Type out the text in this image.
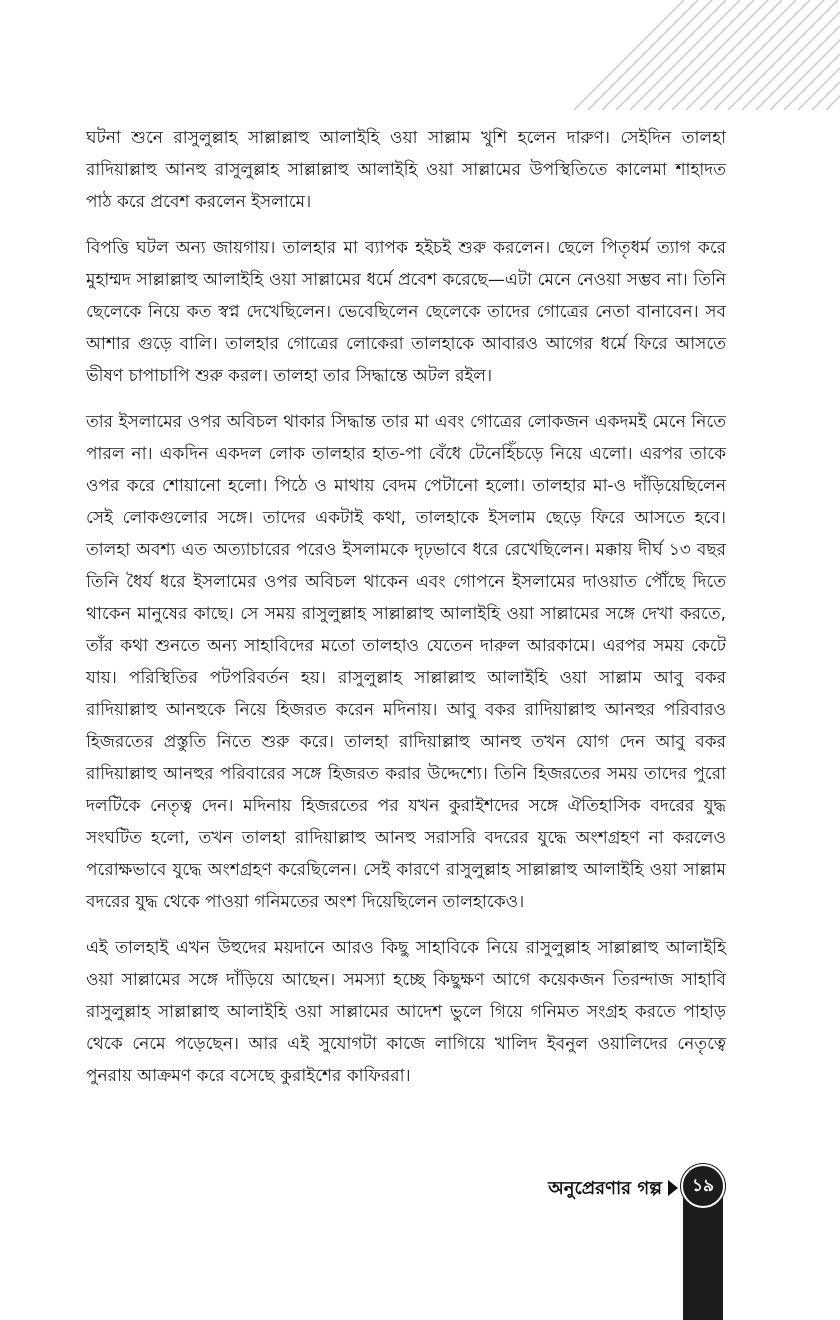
ঘটনা শুনে রাসুলুল্লাহ সাল্লাল্লাহু আলাইহি ওয়া সাল্লাম খুশি হলেন দারুণ। সেইদিন তালহা রাদিয়াল্লাহু আনহু রাসুলুল্লাহ সাল্লাল্লাহু আলাইহি ওয়া সাল্লামের উপস্থিতিতে কালেমা শাহাদত পাঠ করে প্রবেশ করলেন ইসলামে।

বিপত্তি ঘটল অন্য জায়গায়। তালহার মা ব্যাপক হইচই শুরু করলেন। ছেলে পিতৃধর্ম ত্যাগ করে মুহাম্মদ সাল্লাল্লাহু আলাইহি ওয়া সাল্লামের ধর্মে প্রবেশ করেছে—এটা মেনে নেওয়া সম্ভব না। তিনি ছেলেকে নিয়ে কত স্বপ্ন দেখেছিলেন। ভেবেছিলেন ছেলেকে তাদের গোত্রের নেতা বানাবেন। সব আশার গুড়ে বালি। তালহার গোত্রের লোকেরা তালহাকে আবারও আগের ধর্মে ফিরে আসতে ভীষণ চাপাচাপি শুরু করল। তালহা তার সিদ্ধান্তে অটল রইল।

তার ইসলামের ওপর অবিচল থাকার সিদ্ধান্ত তার মা এবং গোত্রের লোকজন একদমই মেনে নিতে পারল না। একদিন একদল লোক তালহার হাত-পা বেঁধে টেনেহিঁচড়ে নিয়ে এলো। এরপর তাকে ওপর করে শোয়ানো হলো। পিঠে ও মাথায় বেদম পেটানো হলো। তালহার মা-ও দাঁড়িয়েছিলেন সেই লোকগুলোর সঙ্গে। তাদের একটাই কথা, তালহাকে ইসলাম ছেড়ে ফিরে আসতে হবে। তালহা অবশ্য এত অত্যাচারের পরেও ইসলামকে দৃঢ়ভাবে ধরে রেখেছিলেন। মক্কায় দীর্ঘ ১৩ বছর তিনি ধৈর্য ধরে ইসলামের ওপর অবিচল থাকেন এবং গোপনে ইসলামের দাওয়াত পৌঁছে দিতে থাকেন মানুষের কাছে। সে সময় রাসুলুল্লাহ সাল্লাল্লাহু আলাইহি ওয়া সাল্লামের সঙ্গে দেখা করতে, তাঁর কথা শুনতে অন্য সাহাবিদের মতো তালহাও যেতেন দারুল আরকামে। এরপর সময় কেটে যায়। পরিস্থিতির পটপরিবর্তন হয়। রাসুলুল্লাহ সাল্লাল্লাহু আলাইহি ওয়া সাল্লাম আবু বকর রাদিয়াল্লাহু আনহুকে নিয়ে হিজরত করেন মদিনায়। আবু বকর রাদিয়াল্লাহু আনহুর পরিবারও হিজরতের প্রস্তুতি নিতে শুরু করে। তালহা রাদিয়াল্লাহু আনহু তখন যোগ দেন আবু বকর রাদিয়াল্লাহু আনহুর পরিবারের সঙ্গে হিজরত করার উদ্দেশ্যে। তিনি হিজরতের সময় তাদের পুরো দলটিকে নেতৃত্ব দেন। মদিনায় হিজরতের পর যখন কুরাইশদের সঙ্গে ঐতিহাসিক বদরের যুদ্ধ সংঘটিত হলো, তখন তালহা রাদিয়াল্লাহু আনহু সরাসরি বদরের যুদ্ধে অংশগ্রহণ না করলেও পরোক্ষভাবে যুদ্ধে অংশগ্রহণ করেছিলেন। সেই কারণে রাসুলুল্লাহ সাল্লাল্লাহু আলাইহি ওয়া সাল্লাম বদরের যুদ্ধ থেকে পাওয়া গনিমতের অংশ দিয়েছিলেন তালহাকেও।

এই তালহাই এখন উহুদের ময়দানে আরও কিছু সাহাবিকে নিয়ে রাসুলুল্লাহ সাল্লাল্লাহু আলাইহি ওয়া সাল্লামের সঙ্গে দাঁড়িয়ে আছেন। সমস্যা হচ্ছে কিছুক্ষণ আগে কয়েকজন তিরন্দাজ সাহাবি রাসুলুল্লাহ সাল্লাল্লাহু আলাইহি ওয়া সাল্লামের আদেশ ভুলে গিয়ে গনিমত সংগ্রহ করতে পাহাড় থেকে নেমে পড়েছেন। আর এই সুযোগটা কাজে লাগিয়ে খালিদ ইবনুল ওয়ালিদের নেতৃত্বে পুনরায় আক্রমণ করে বসেছে কুরাইশের কাফিররা।

অনুপ্রেরণার গল্প	১৯
